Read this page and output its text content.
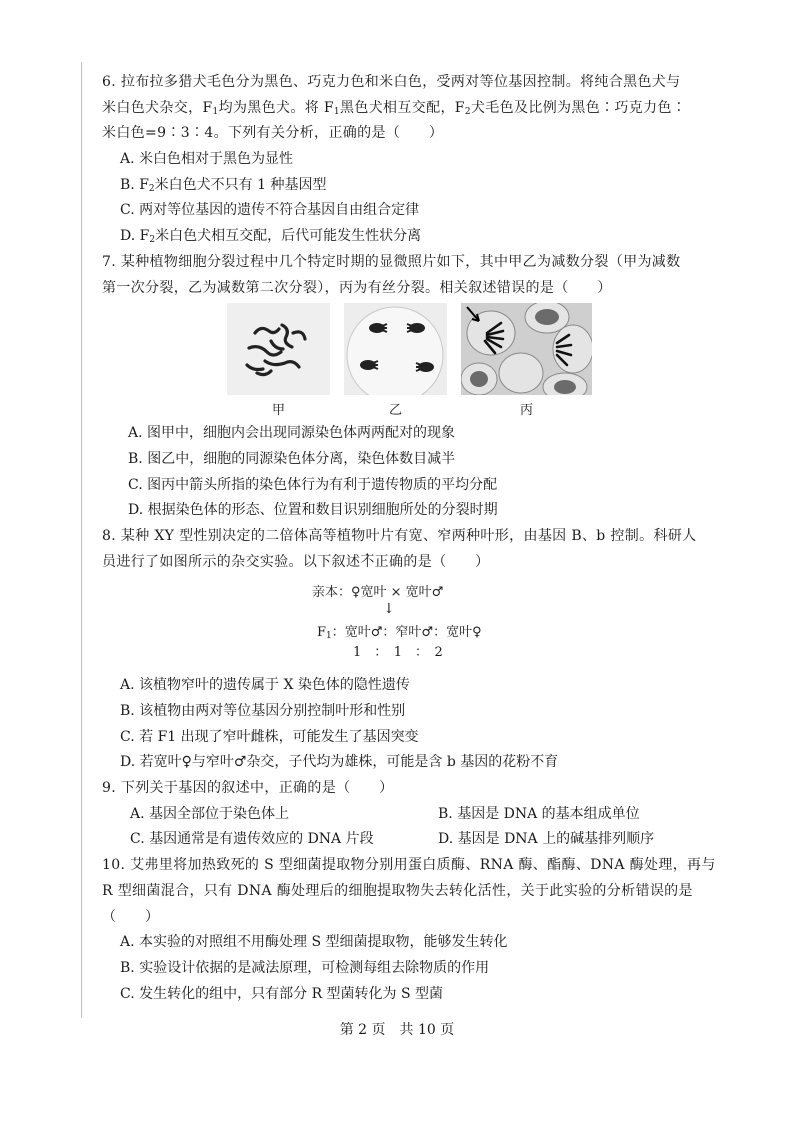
6. 拉布拉多猎犬毛色分为黑色、巧克力色和米白色，受两对等位基因控制。将纯合黑色犬与
米白色犬杂交，$F_1$均为黑色犬。将 $F_1$黑色犬相互交配，$F_2$犬毛色及比例为黑色∶巧克力色∶
米白色=9∶3∶4。下列有关分析，正确的是（　　）
A. 米白色相对于黑色为显性
B. $F_2$米白色犬不只有 1 种基因型
C. 两对等位基因的遗传不符合基因自由组合定律
D. $F_2$米白色犬相互交配，后代可能发生性状分离
7. 某种植物细胞分裂过程中几个特定时期的显微照片如下，其中甲乙为减数分裂（甲为减数
第一次分裂，乙为减数第二次分裂），丙为有丝分裂。相关叙述错误的是（　　）
甲	乙	丙
A. 图甲中，细胞内会出现同源染色体两两配对的现象
B. 图乙中，细胞的同源染色体分离，染色体数目减半
C. 图丙中箭头所指的染色体行为有利于遗传物质的平均分配
D. 根据染色体的形态、位置和数目识别细胞所处的分裂时期
8. 某种 XY 型性别决定的二倍体高等植物叶片有宽、窄两种叶形，由基因 B、b 控制。科研人
员进行了如图所示的杂交实验。以下叙述不正确的是（　　）
亲本：♀宽叶 × 宽叶♂
↓
$F_1$：宽叶♂：窄叶♂：宽叶♀
1　：　1　：　2
A. 该植物窄叶的遗传属于 X 染色体的隐性遗传
B. 该植物由两对等位基因分别控制叶形和性别
C. 若 F1 出现了窄叶雌株，可能发生了基因突变
D. 若宽叶♀与窄叶♂杂交，子代均为雄株，可能是含 b 基因的花粉不育
9. 下列关于基因的叙述中，正确的是（　　）
A. 基因全部位于染色体上	B. 基因是 DNA 的基本组成单位
C. 基因通常是有遗传效应的 DNA 片段	D. 基因是 DNA 上的碱基排列顺序
10. 艾弗里将加热致死的 S 型细菌提取物分别用蛋白质酶、RNA 酶、酯酶、DNA 酶处理，再与
R 型细菌混合，只有 DNA 酶处理后的细胞提取物失去转化活性，关于此实验的分析错误的是
（　　）
A. 本实验的对照组不用酶处理 S 型细菌提取物，能够发生转化
B. 实验设计依据的是减法原理，可检测每组去除物质的作用
C. 发生转化的组中，只有部分 R 型菌转化为 S 型菌
第 2 页　共 10 页
